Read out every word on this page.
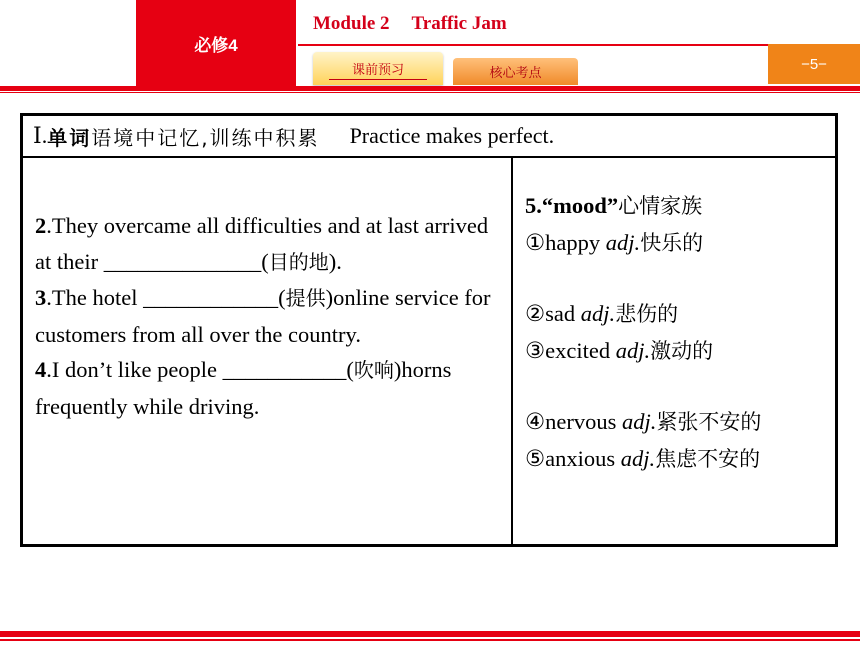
必修4
Module 2 Traffic Jam
−5−
课前预习	核心考点
Ⅰ. 单词 语境中记忆,训练中积累 Practice makes perfect.

2.They overcame all difficulties and at last arrived at their ______________(目的地).

3.The hotel ____________(提供)online service for customers from all over the country.

4.I don’t like people ___________(吹响)horns frequently while driving.

5.“mood”心情家族

①happy adj.快乐的

②sad adj.悲伤的

③excited adj.激动的

④nervous adj.紧张不安的

⑤anxious adj.焦虑不安的
